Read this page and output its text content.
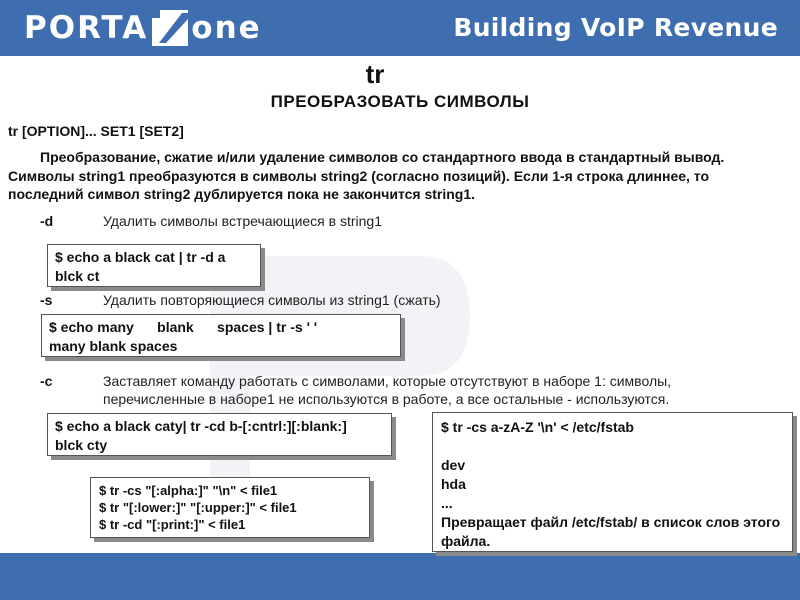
PORTA one	Building VoIP Revenue
tr
ПРЕОБРАЗОВАТЬ СИМВОЛЫ
tr [OPTION]... SET1 [SET2]
Преобразование, сжатие и/или удаление символов со стандартного ввода в стандартный вывод. Символы string1 преобразуются в символы string2 (согласно позиций). Если 1-я строка длиннее, то последний символ string2 дублируется пока не закончится string1.
-d	Удалить символы встречающиеся в string1
$ echo a black cat | tr -d a
blck ct
-s	Удалить повторяющиеся символы из string1 (сжать)
$ echo many      blank      spaces | tr -s ' '
many blank spaces
-c	Заставляет команду работать с символами, которые отсутствуют в наборе 1: символы,
перечисленные в наборе1 не используются в работе, а все остальные - используются.
$ echo a black caty| tr -cd b-[:cntrl:][:blank:]
blck cty
$ tr -cs "[:alpha:]" "\n" < file1
$ tr "[:lower:]" "[:upper:]" < file1
$ tr -cd "[:print:]" < file1
$ tr -cs a-zA-Z '\n' < /etc/fstab
dev
hda
...
Превращает файл /etc/fstab/ в список слов этого файла.
